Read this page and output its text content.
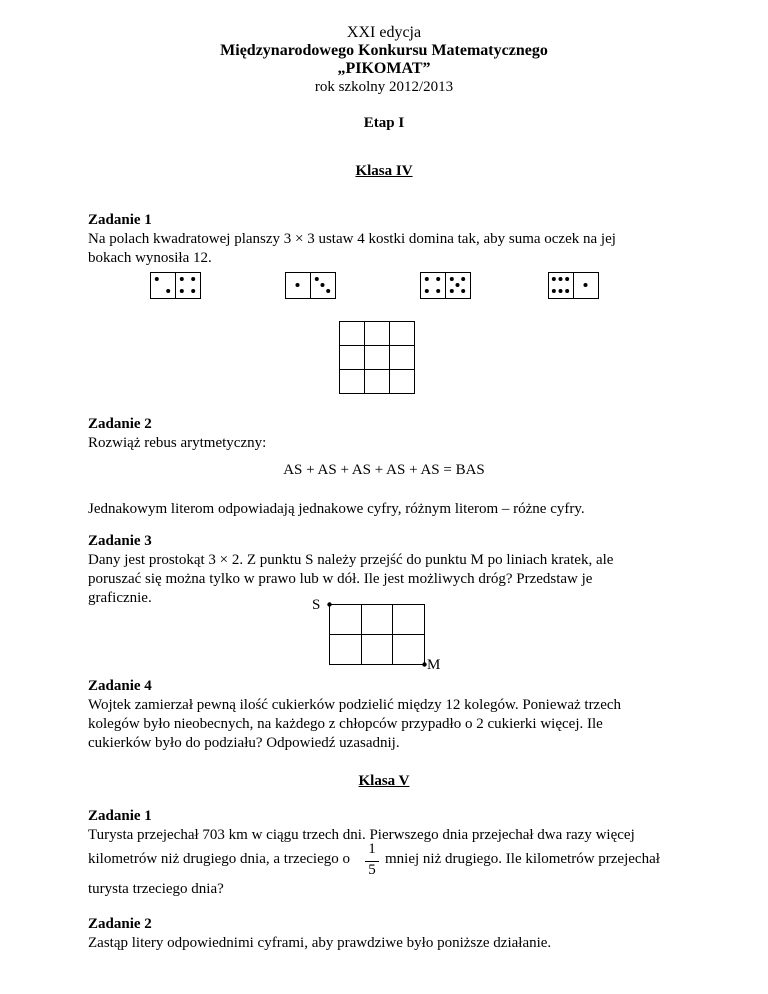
XXI edycja
Międzynarodowego Konkursu Matematycznego
„PIKOMAT”
rok szkolny 2012/2013
Etap I
Klasa IV
Zadanie 1
Na polach kwadratowej planszy 3 × 3 ustaw 4 kostki domina tak, aby suma oczek na jej
bokach wynosiła 12.
Zadanie 2
Rozwiąż rebus arytmetyczny:
AS + AS + AS + AS + AS = BAS
Jednakowym literom odpowiadają jednakowe cyfry, różnym literom – różne cyfry.
Zadanie 3
Dany jest prostokąt 3 × 2. Z punktu S należy przejść do punktu M po liniach kratek, ale
poruszać się można tylko w prawo lub w dół. Ile jest możliwych dróg? Przedstaw je
graficznie.	S
M
Zadanie 4
Wojtek zamierzał pewną ilość cukierków podzielić między 12 kolegów. Ponieważ trzech
kolegów było nieobecnych, na każdego z chłopców przypadło o 2 cukierki więcej. Ile
cukierków było do podziału? Odpowiedź uzasadnij.
Klasa V
Zadanie 1
Turysta przejechał 703 km w ciągu trzech dni. Pierwszego dnia przejechał dwa razy więcej
kilometrów niż drugiego dnia, a trzeciego o
1
5
mniej niż drugiego. Ile kilometrów przejechał
turysta trzeciego dnia?
Zadanie 2
Zastąp litery odpowiednimi cyframi, aby prawdziwe było poniższe działanie.
